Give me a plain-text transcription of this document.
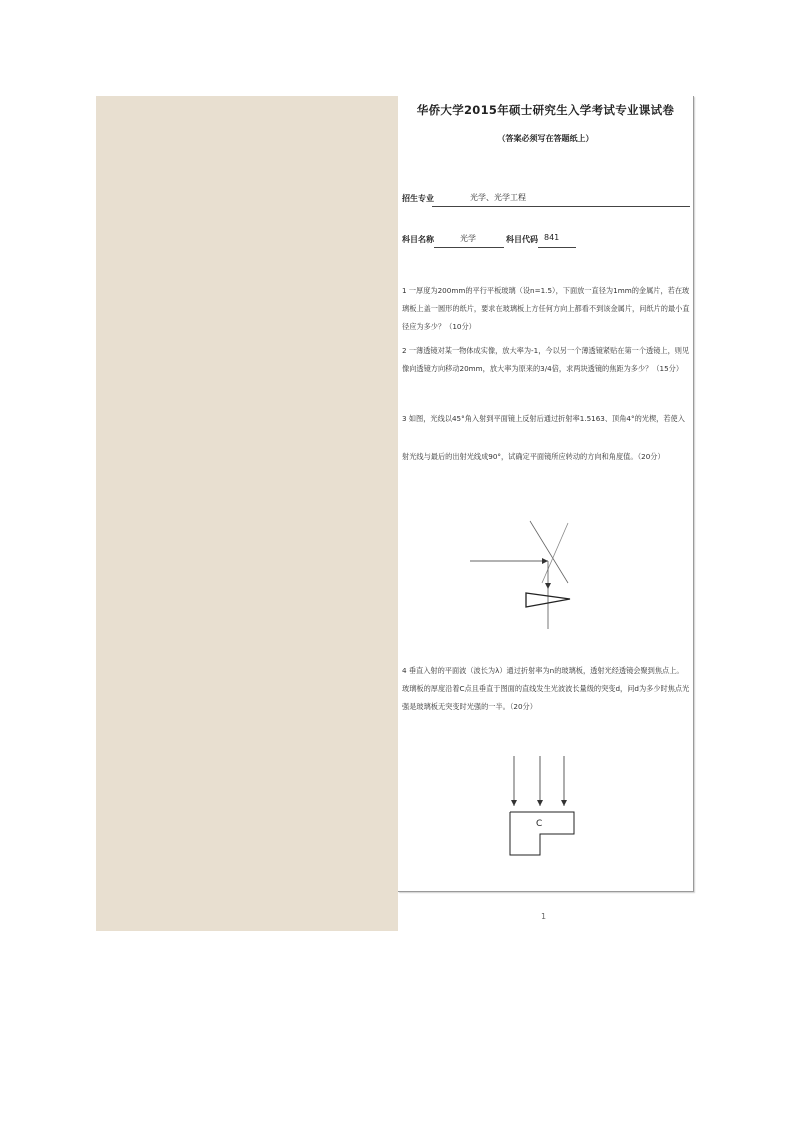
华侨大学2015年硕士研究生入学考试专业课试卷
（答案必须写在答题纸上）
招生专业	光学、光学工程
科目名称	光学	科目代码 841
1 一厚度为200mm的平行平板玻璃（设n=1.5），下面放一直径为1mm的金属片，若在玻璃板上盖一圆形的纸片，要求在玻璃板上方任何方向上都看不到该金属片，问纸片的最小直径应为多少？（10分）
2 一薄透镜对某一物体成实像，放大率为-1，今以另一个薄透镜紧贴在第一个透镜上，则见像向透镜方向移动20mm，放大率为原来的3/4倍，求两块透镜的焦距为多少？（15分）
3 如图，光线以45°角入射到平面镜上反射后通过折射率1.5163、顶角4°的光楔，若使入射光线与最后的出射光线成90°，试确定平面镜所应转动的方向和角度值。（20分）
4 垂直入射的平面波（波长为λ）通过折射率为n的玻璃板，透射光经透镜会聚到焦点上。玻璃板的厚度沿着C点且垂直于图面的直线发生光波波长量级的突变d，问d为多少时焦点光强是玻璃板无突变时光强的一半。（20分）
C
1
